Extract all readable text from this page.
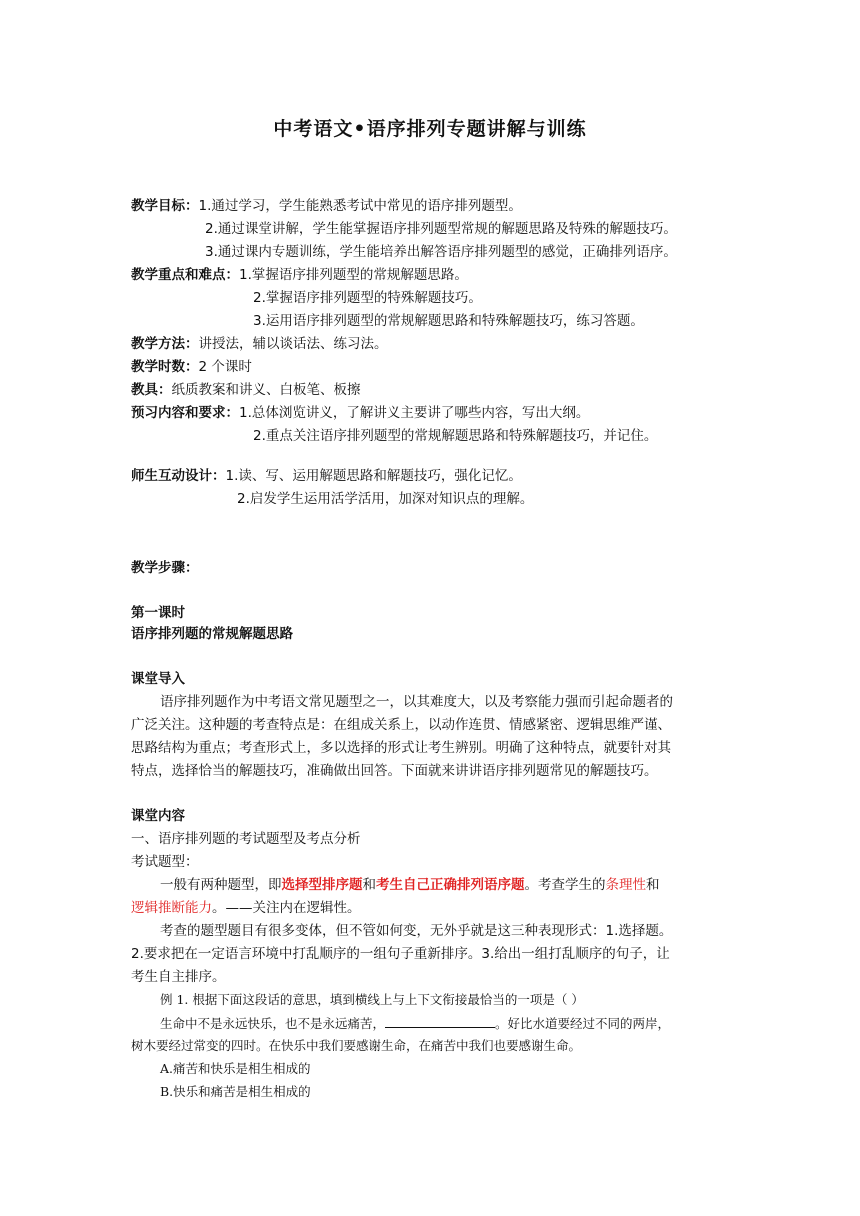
中考语文•语序排列专题讲解与训练
教学目标：1.通过学习，学生能熟悉考试中常见的语序排列题型。
2.通过课堂讲解，学生能掌握语序排列题型常规的解题思路及特殊的解题技巧。
3.通过课内专题训练，学生能培养出解答语序排列题型的感觉，正确排列语序。
教学重点和难点：1.掌握语序排列题型的常规解题思路。
2.掌握语序排列题型的特殊解题技巧。
3.运用语序排列题型的常规解题思路和特殊解题技巧，练习答题。
教学方法：讲授法，辅以谈话法、练习法。
教学时数：2 个课时
教具：纸质教案和讲义、白板笔、板擦
预习内容和要求：1.总体浏览讲义，了解讲义主要讲了哪些内容，写出大纲。
2.重点关注语序排列题型的常规解题思路和特殊解题技巧，并记住。
师生互动设计：1.读、写、运用解题思路和解题技巧，强化记忆。
2.启发学生运用活学活用，加深对知识点的理解。
教学步骤：
第一课时
语序排列题的常规解题思路
课堂导入
语序排列题作为中考语文常见题型之一，以其难度大，以及考察能力强而引起命题者的
广泛关注。这种题的考查特点是：在组成关系上，以动作连贯、情感紧密、逻辑思维严谨、
思路结构为重点；考查形式上，多以选择的形式让考生辨别。明确了这种特点，就要针对其
特点，选择恰当的解题技巧，准确做出回答。下面就来讲讲语序排列题常见的解题技巧。
课堂内容
一、语序排列题的考试题型及考点分析
考试题型：
一般有两种题型，即选择型排序题和考生自己正确排列语序题。考查学生的条理性和
逻辑推断能力。——关注内在逻辑性。
考查的题型题目有很多变体，但不管如何变，无外乎就是这三种表现形式：1.选择题。
2.要求把在一定语言环境中打乱顺序的一组句子重新排序。3.给出一组打乱顺序的句子，让
考生自主排序。
例 1. 根据下面这段话的意思，填到横线上与上下文衔接最恰当的一项是（ ）
生命中不是永远快乐，也不是永远痛苦，	。好比水道要经过不同的两岸，
树木要经过常变的四时。在快乐中我们要感谢生命，在痛苦中我们也要感谢生命。
A.痛苦和快乐是相生相成的
B.快乐和痛苦是相生相成的
